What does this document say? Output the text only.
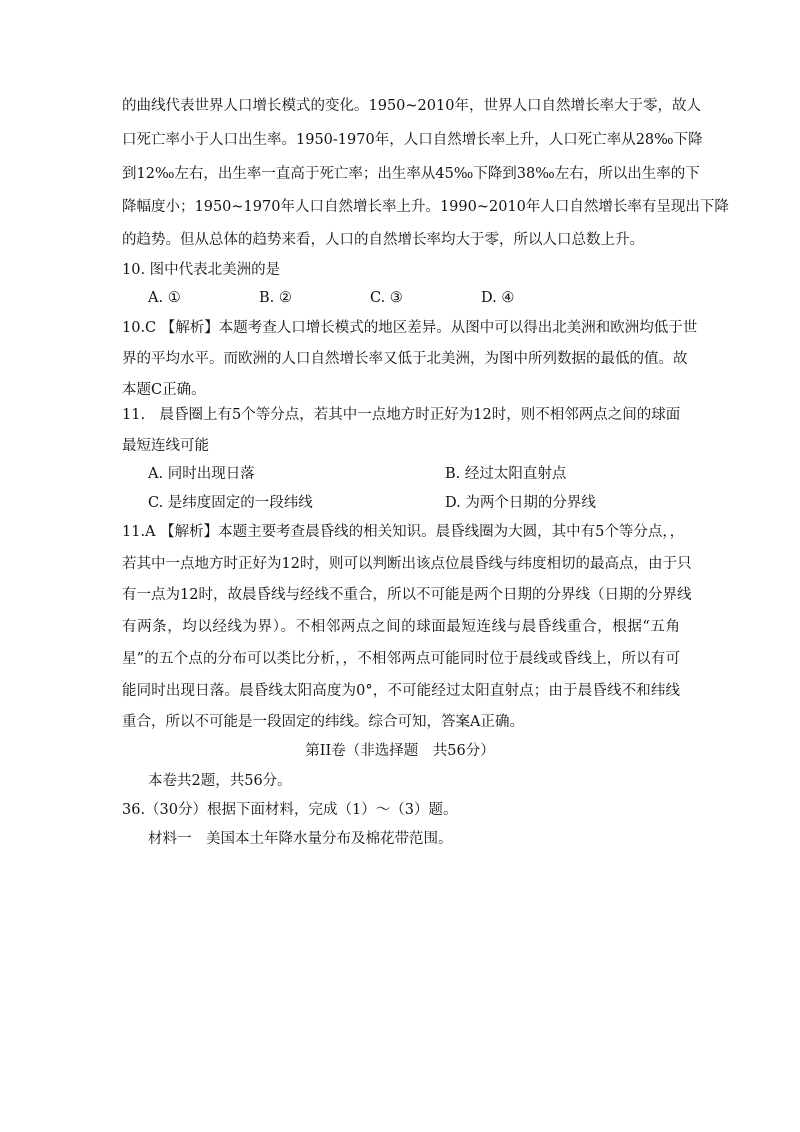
的曲线代表世界人口增长模式的变化。1950~2010年，世界人口自然增长率大于零，故人
口死亡率小于人口出生率。1950-1970年，人口自然增长率上升，人口死亡率从28‰下降
到12‰左右，出生率一直高于死亡率；出生率从45‰下降到38‰左右，所以出生率的下
降幅度小；1950~1970年人口自然增长率上升。1990~2010年人口自然增长率有呈现出下降
的趋势。但从总体的趋势来看，人口的自然增长率均大于零，所以人口总数上升。
10. 图中代表北美洲的是
A. ①	B. ②	C. ③	D. ④
10.C 【解析】本题考查人口增长模式的地区差异。从图中可以得出北美洲和欧洲均低于世
界的平均水平。而欧洲的人口自然增长率又低于北美洲，为图中所列数据的最低的值。故
本题C正确。
11.　晨昏圈上有5个等分点，若其中一点地方时正好为12时，则不相邻两点之间的球面
最短连线可能
A. 同时出现日落	B. 经过太阳直射点
C. 是纬度固定的一段纬线	D. 为两个日期的分界线
11.A 【解析】本题主要考查晨昏线的相关知识。晨昏线圈为大圆，其中有5个等分点，，
若其中一点地方时正好为12时，则可以判断出该点位晨昏线与纬度相切的最高点，由于只
有一点为12时，故晨昏线与经线不重合，所以不可能是两个日期的分界线（日期的分界线
有两条，均以经线为界）。不相邻两点之间的球面最短连线与晨昏线重合，根据“五角
星”的五个点的分布可以类比分析，，不相邻两点可能同时位于晨线或昏线上，所以有可
能同时出现日落。晨昏线太阳高度为0°，不可能经过太阳直射点；由于晨昏线不和纬线
重合，所以不可能是一段固定的纬线。综合可知，答案A正确。
第II卷（非选择题　共56分）
本卷共2题，共56分。
36.（30分）根据下面材料，完成（1）～（3）题。
材料一　美国本土年降水量分布及棉花带范围。
